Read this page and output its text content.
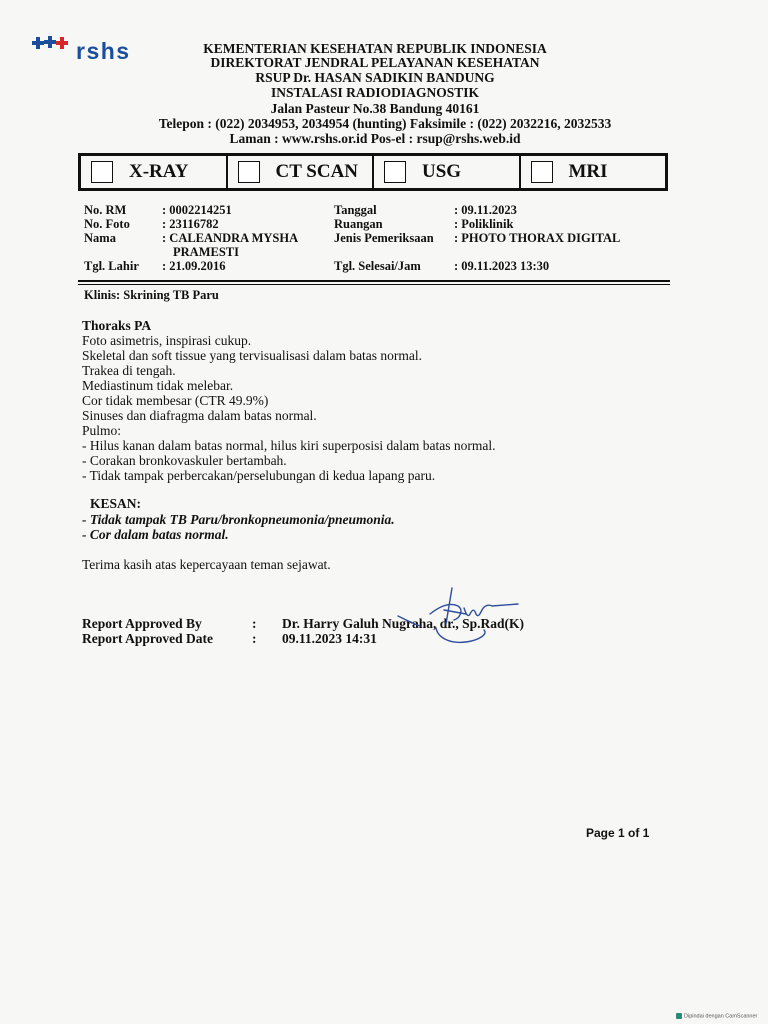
rshs	KEMENTERIAN KESEHATAN REPUBLIK INDONESIA
DIREKTORAT JENDRAL PELAYANAN KESEHATAN
RSUP Dr. HASAN SADIKIN BANDUNG
INSTALASI RADIODIAGNOSTIK
Jalan Pasteur No.38 Bandung 40161
Telepon : (022) 2034953, 2034954 (hunting) Faksimile : (022) 2032216, 2032533
Laman : www.rshs.or.id Pos-el : rsup@rshs.web.id
X-RAY	CT SCAN	USG	MRI
No. RM	: 0002214251
No. Foto	: 23116782
Nama	: CALEANDRA MYSHA
PRAMESTI
Tgl. Lahir : 21.09.2016
Tanggal	: 09.11.2023
Ruangan	: Poliklinik
Jenis Pemeriksaan : PHOTO THORAX DIGITAL
Tgl. Selesai/Jam	: 09.11.2023 13:30
Klinis: Skrining TB Paru
Thoraks PA
Foto asimetris, inspirasi cukup.
Skeletal dan soft tissue yang tervisualisasi dalam batas normal.
Trakea di tengah.
Mediastinum tidak melebar.
Cor tidak membesar (CTR 49.9%)
Sinuses dan diafragma dalam batas normal.
Pulmo:
- Hilus kanan dalam batas normal, hilus kiri superposisi dalam batas normal.
- Corakan bronkovaskuler bertambah.
- Tidak tampak perbercakan/perselubungan di kedua lapang paru.
KESAN:
- Tidak tampak TB Paru/bronkopneumonia/pneumonia.
- Cor dalam batas normal.
Terima kasih atas kepercayaan teman sejawat.
Report Approved By	: Dr. Harry Galuh Nugraha, dr., Sp.Rad(K)
Report Approved Date	: 09.11.2023 14:31
Page 1 of 1
Dipindai dengan CamScanner
